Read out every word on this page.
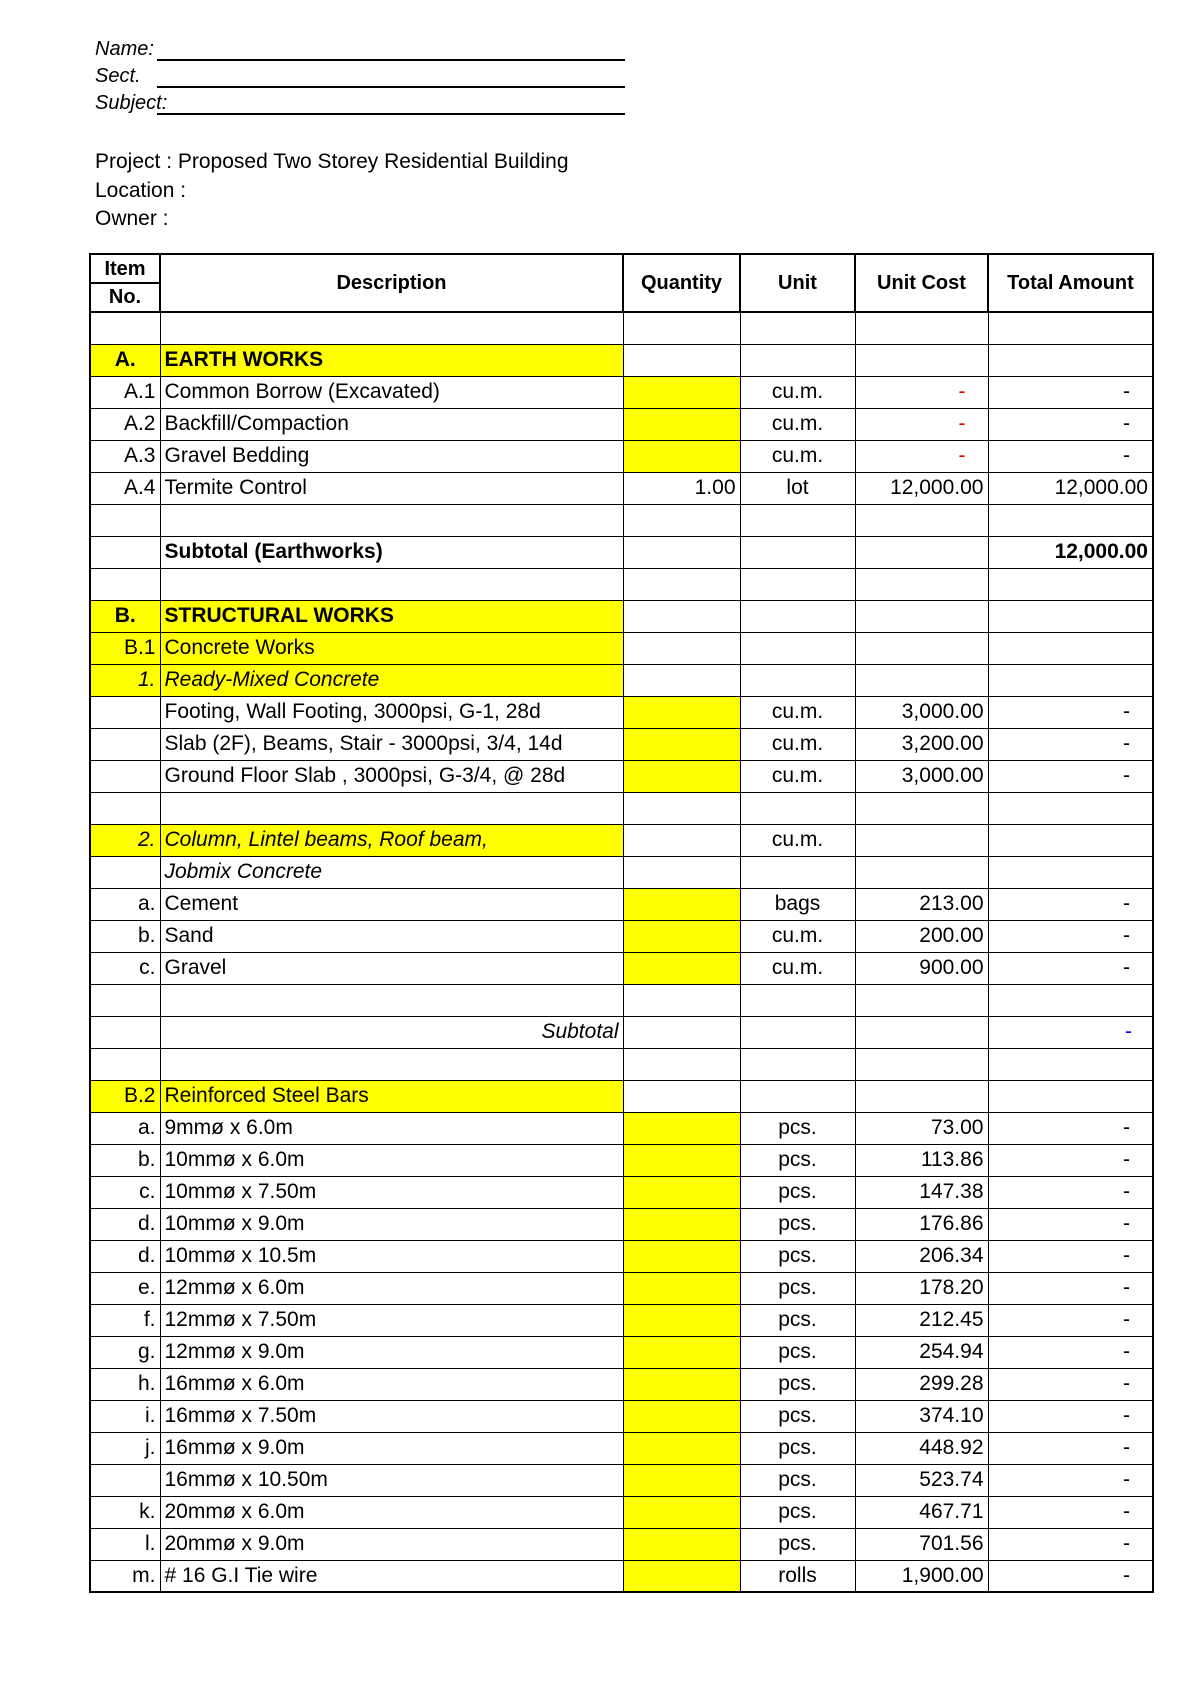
Name:
Sect.
Subject:
Project : Proposed Two Storey Residential Building
Location :
Owner :
Item
No.	Description	Quantity	Unit	Unit Cost	Total Amount

A.	EARTH WORKS				
A.1	Common Borrow (Excavated)		cu.m.	-	-
A.2	Backfill/Compaction		cu.m.	-	-
A.3	Gravel Bedding		cu.m.	-	-
A.4	Termite Control	1.00	lot	12,000.00	12,000.00

	Subtotal (Earthworks)				12,000.00

B.	STRUCTURAL WORKS				
B.1	Concrete Works				
1.	Ready-Mixed Concrete				
	Footing, Wall Footing, 3000psi, G-1, 28d		cu.m.	3,000.00	-
	Slab (2F), Beams, Stair - 3000psi, 3/4, 14d		cu.m.	3,200.00	-
	Ground Floor Slab , 3000psi, G-3/4, @ 28d		cu.m.	3,000.00	-

2.	Column, Lintel beams, Roof beam,		cu.m.		
	Jobmix Concrete				
a.	Cement		bags	213.00	-
b.	Sand		cu.m.	200.00	-
c.	Gravel		cu.m.	900.00	-

	Subtotal				-

B.2	Reinforced Steel Bars				
a.	9mmø x 6.0m		pcs.	73.00	-
b.	10mmø x 6.0m		pcs.	113.86	-
c.	10mmø x 7.50m		pcs.	147.38	-
d.	10mmø x 9.0m		pcs.	176.86	-
d.	10mmø x 10.5m		pcs.	206.34	-
e.	12mmø x 6.0m		pcs.	178.20	-
f.	12mmø x 7.50m		pcs.	212.45	-
g.	12mmø x 9.0m		pcs.	254.94	-
h.	16mmø x 6.0m		pcs.	299.28	-
i.	16mmø x 7.50m		pcs.	374.10	-
j.	16mmø x 9.0m		pcs.	448.92	-
	16mmø x 10.50m		pcs.	523.74	-
k.	20mmø x 6.0m		pcs.	467.71	-
l.	20mmø x 9.0m		pcs.	701.56	-
m.	# 16 G.I Tie wire		rolls	1,900.00	-
